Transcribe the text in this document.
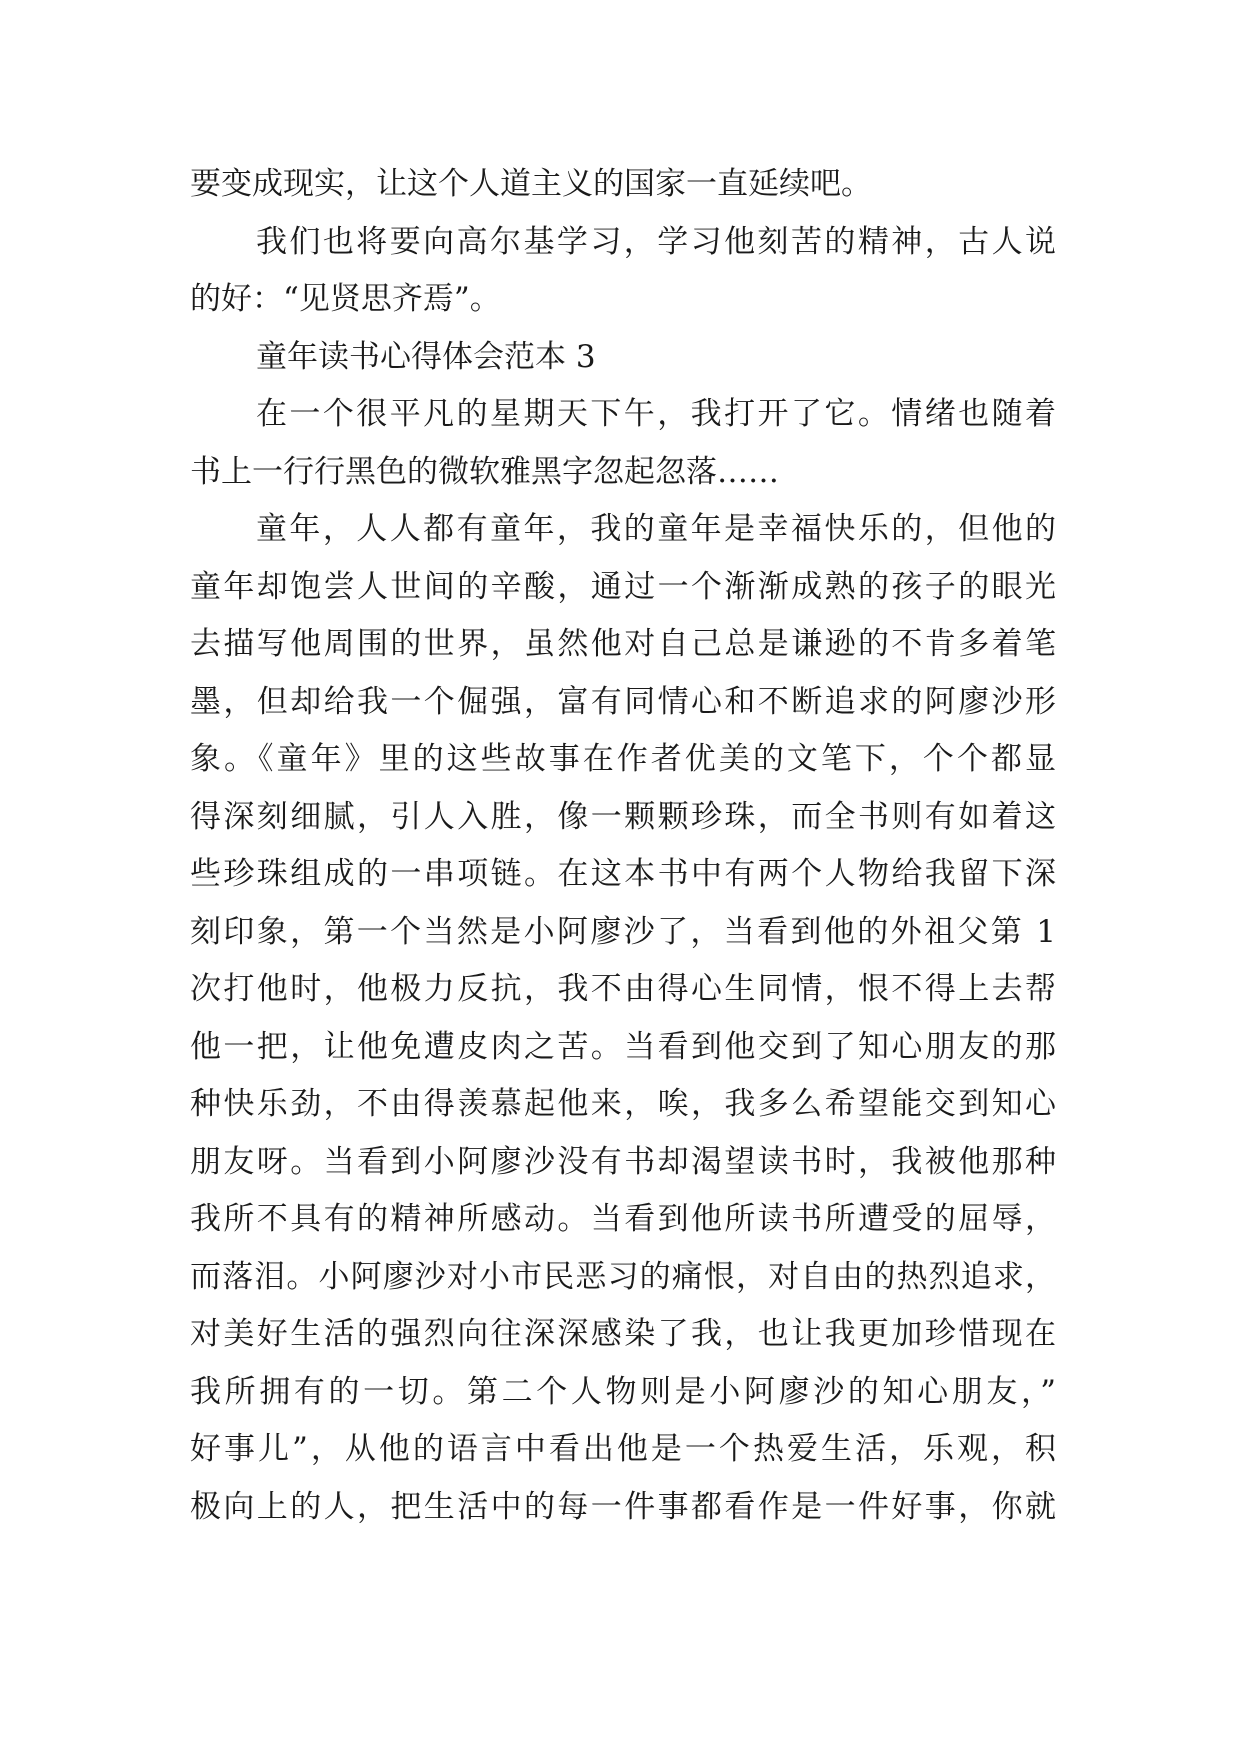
要变成现实，让这个人道主义的国家一直延续吧。
我们也将要向高尔基学习，学习他刻苦的精神，古人说
的好：“见贤思齐焉”。
童年读书心得体会范本 3
在一个很平凡的星期天下午，我打开了它。情绪也随着
书上一行行黑色的微软雅黑字忽起忽落……
童年，人人都有童年，我的童年是幸福快乐的，但他的
童年却饱尝人世间的辛酸，通过一个渐渐成熟的孩子的眼光
去描写他周围的世界，虽然他对自己总是谦逊的不肯多着笔
墨，但却给我一个倔强，富有同情心和不断追求的阿廖沙形
象。《童年》里的这些故事在作者优美的文笔下，个个都显
得深刻细腻，引人入胜，像一颗颗珍珠，而全书则有如着这
些珍珠组成的一串项链。在这本书中有两个人物给我留下深
刻印象，第一个当然是小阿廖沙了，当看到他的外祖父第 1
次打他时，他极力反抗，我不由得心生同情，恨不得上去帮
他一把，让他免遭皮肉之苦。当看到他交到了知心朋友的那
种快乐劲，不由得羡慕起他来，唉，我多么希望能交到知心
朋友呀。当看到小阿廖沙没有书却渴望读书时，我被他那种
我所不具有的精神所感动。当看到他所读书所遭受的屈辱，
而落泪。小阿廖沙对小市民恶习的痛恨，对自由的热烈追求，
对美好生活的强烈向往深深感染了我，也让我更加珍惜现在
我所拥有的一切。第二个人物则是小阿廖沙的知心朋友，”
好事儿”，从他的语言中看出他是一个热爱生活，乐观，积
极向上的人，把生活中的每一件事都看作是一件好事，你就
